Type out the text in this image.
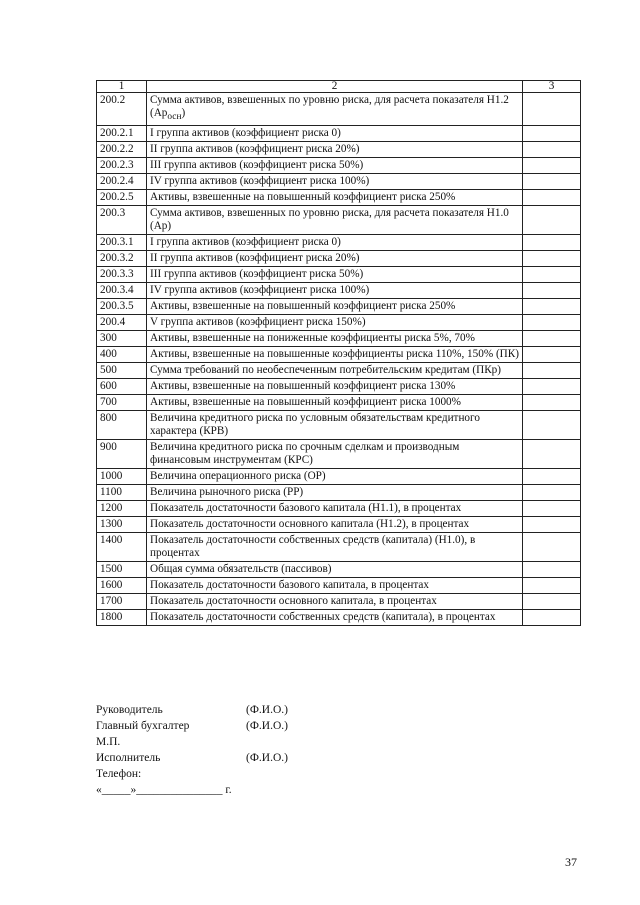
1	2	3
200.2	Сумма активов, взвешенных по уровню риска, для расчета показателя Н1.2 $(Ар_{осн})$	
200.2.1	I группа активов (коэффициент риска 0)	
200.2.2	II группа активов (коэффициент риска 20%)	
200.2.3	III группа активов (коэффициент риска 50%)	
200.2.4	IV группа активов (коэффициент риска 100%)	
200.2.5	Активы, взвешенные на повышенный коэффициент риска 250%	
200.3	Сумма активов, взвешенных по уровню риска, для расчета показателя Н1.0 (Ар)	
200.3.1	I группа активов (коэффициент риска 0)	
200.3.2	II группа активов (коэффициент риска 20%)	
200.3.3	III группа активов (коэффициент риска 50%)	
200.3.4	IV группа активов (коэффициент риска 100%)	
200.3.5	Активы, взвешенные на повышенный коэффициент риска 250%	
200.4	V группа активов (коэффициент риска 150%)	
300	Активы, взвешенные на пониженные коэффициенты риска 5%, 70%	
400	Активы, взвешенные на повышенные коэффициенты риска 110%, 150% (ПК)	
500	Сумма требований по необеспеченным потребительским кредитам (ПКр)	
600	Активы, взвешенные на повышенный коэффициент риска 130%	
700	Активы, взвешенные на повышенный коэффициент риска 1000%	
800	Величина кредитного риска по условным обязательствам кредитного характера (КРВ)	
900	Величина кредитного риска по срочным сделкам и производным финансовым инструментам (КРС)	
1000	Величина операционного риска (ОР)	
1100	Величина рыночного риска (РР)	
1200	Показатель достаточности базового капитала (Н1.1), в процентах	
1300	Показатель достаточности основного капитала (Н1.2), в процентах	
1400	Показатель достаточности собственных средств (капитала) (Н1.0), в процентах	
1500	Общая сумма обязательств (пассивов)	
1600	Показатель достаточности базового капитала, в процентах	
1700	Показатель достаточности основного капитала, в процентах	
1800	Показатель достаточности собственных средств (капитала), в процентах	
Руководитель	(Ф.И.О.)
Главный бухгалтер	(Ф.И.О.)
М.П.
Исполнитель	(Ф.И.О.)
Телефон:
«_____»_______________ г.
37
